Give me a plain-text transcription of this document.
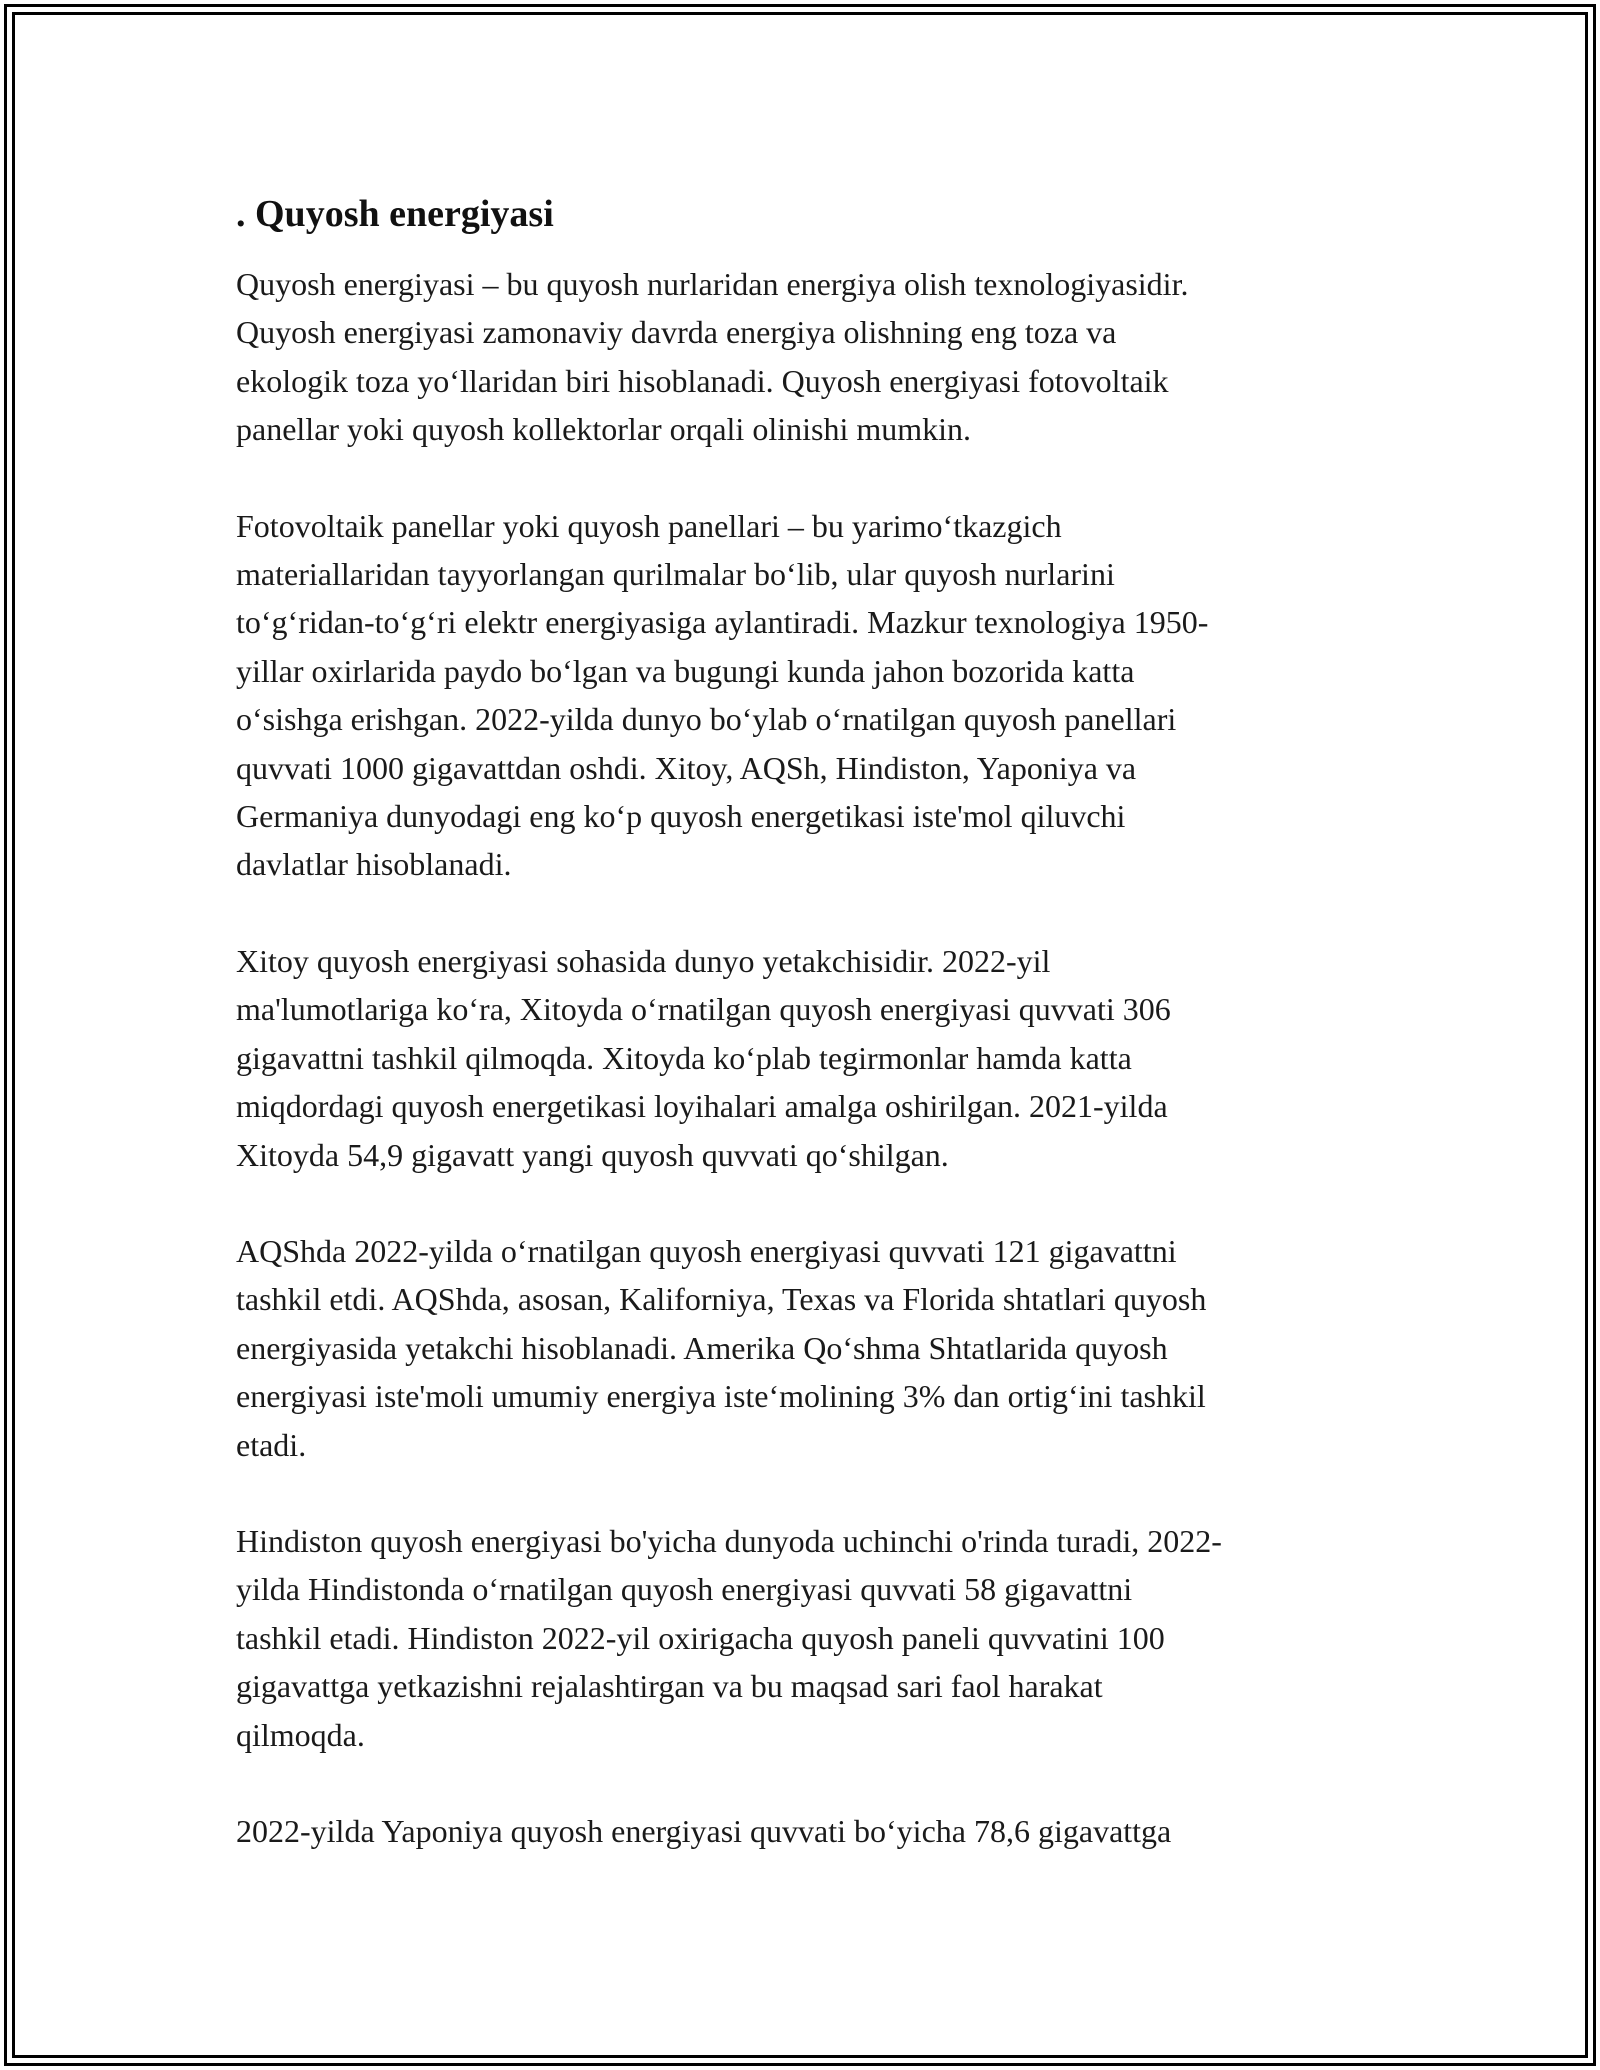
. Quyosh energiyasi

Quyosh energiyasi – bu quyosh nurlaridan energiya olish texnologiyasidir.
Quyosh energiyasi zamonaviy davrda energiya olishning eng toza va
ekologik toza yoʻllaridan biri hisoblanadi. Quyosh energiyasi fotovoltaik
panellar yoki quyosh kollektorlar orqali olinishi mumkin.

Fotovoltaik panellar yoki quyosh panellari – bu yarimoʻtkazgich
materiallaridan tayyorlangan qurilmalar boʻlib, ular quyosh nurlarini
toʻgʻridan-toʻgʻri elektr energiyasiga aylantiradi. Mazkur texnologiya 1950-
yillar oxirlarida paydo boʻlgan va bugungi kunda jahon bozorida katta
oʻsishga erishgan. 2022-yilda dunyo boʻylab oʻrnatilgan quyosh panellari
quvvati 1000 gigavattdan oshdi. Xitoy, AQSh, Hindiston, Yaponiya va
Germaniya dunyodagi eng koʻp quyosh energetikasi iste'mol qiluvchi
davlatlar hisoblanadi.

Xitoy quyosh energiyasi sohasida dunyo yetakchisidir. 2022-yil
ma'lumotlariga koʻra, Xitoyda oʻrnatilgan quyosh energiyasi quvvati 306
gigavattni tashkil qilmoqda. Xitoyda koʻplab tegirmonlar hamda katta
miqdordagi quyosh energetikasi loyihalari amalga oshirilgan. 2021-yilda
Xitoyda 54,9 gigavatt yangi quyosh quvvati qoʻshilgan.

AQShda 2022-yilda oʻrnatilgan quyosh energiyasi quvvati 121 gigavattni
tashkil etdi. AQShda, asosan, Kaliforniya, Texas va Florida shtatlari quyosh
energiyasida yetakchi hisoblanadi. Amerika Qoʻshma Shtatlarida quyosh
energiyasi iste'moli umumiy energiya isteʻmolining 3% dan ortigʻini tashkil
etadi.

Hindiston quyosh energiyasi bo'yicha dunyoda uchinchi o'rinda turadi, 2022-
yilda Hindistonda oʻrnatilgan quyosh energiyasi quvvati 58 gigavattni
tashkil etadi. Hindiston 2022-yil oxirigacha quyosh paneli quvvatini 100
gigavattga yetkazishni rejalashtirgan va bu maqsad sari faol harakat
qilmoqda.

2022-yilda Yaponiya quyosh energiyasi quvvati boʻyicha 78,6 gigavattga
